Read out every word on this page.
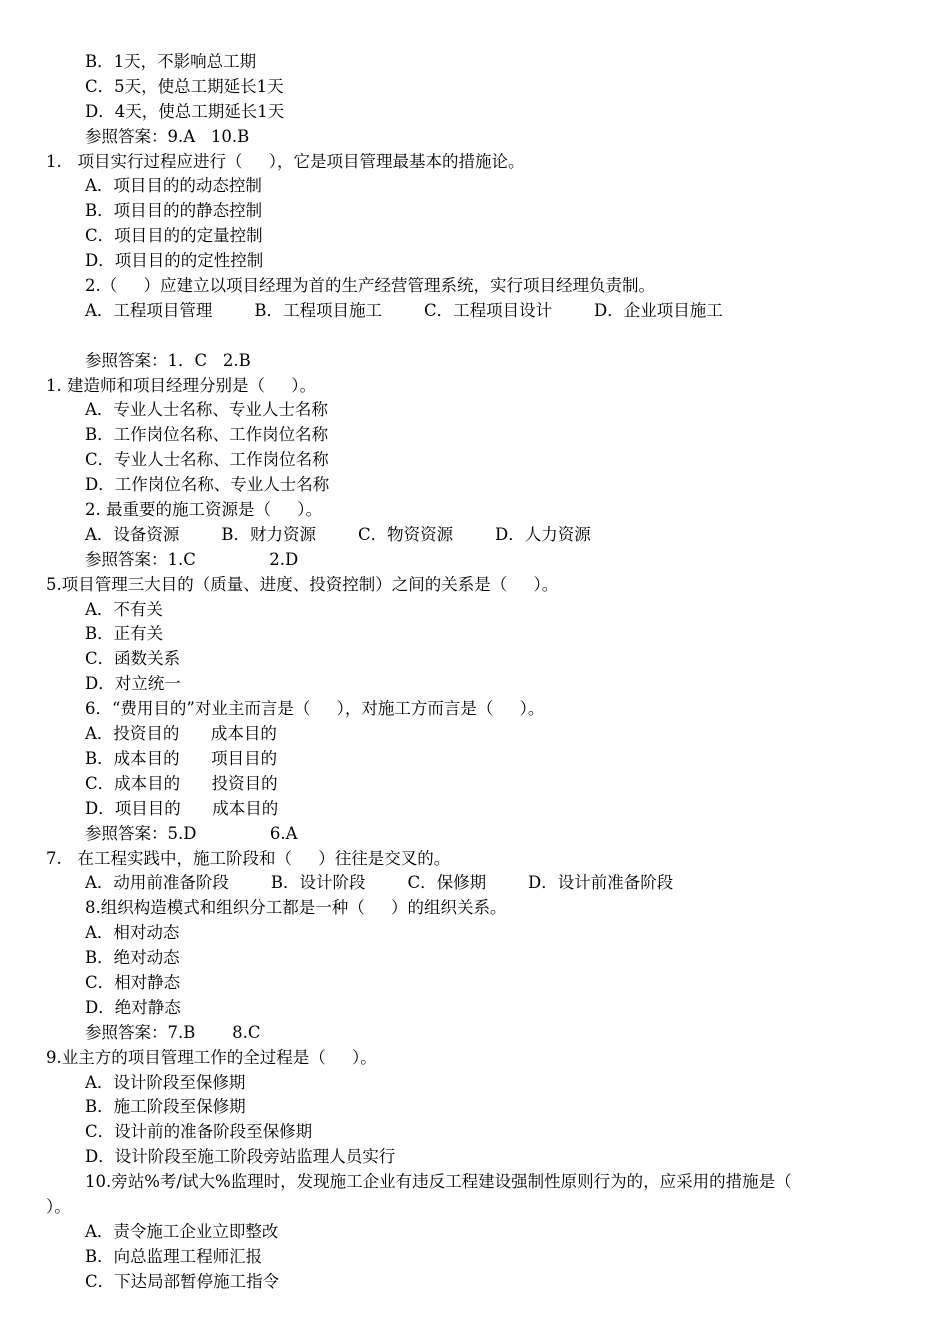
B．1天，不影响总工期
C．5天，使总工期延长1天
D．4天，使总工期延长1天
参照答案：9.A   10.B
1.   项目实行过程应进行（     ），它是项目管理最基本的措施论。
A．项目目的的动态控制
B．项目目的的静态控制
C．项目目的的定量控制
D．项目目的的定性控制
2.（     ）应建立以项目经理为首的生产经营管理系统，实行项目经理负责制。
A．工程项目管理        B．工程项目施工        C．工程项目设计        D．企业项目施工
参照答案：1．C   2.B
1. 建造师和项目经理分别是（     ）。
A．专业人士名称、专业人士名称
B．工作岗位名称、工作岗位名称
C．专业人士名称、工作岗位名称
D．工作岗位名称、专业人士名称
2. 最重要的施工资源是（     ）。
A．设备资源        B．财力资源        C．物资资源        D．人力资源
参照答案：1.C              2.D
5.项目管理三大目的（质量、进度、投资控制）之间的关系是（     ）。
A．不有关
B．正有关
C．函数关系
D．对立统一
6．“费用目的”对业主而言是（     ），对施工方而言是（     ）。
A．投资目的      成本目的
B．成本目的      项目目的
C．成本目的      投资目的
D．项目目的      成本目的
参照答案：5.D              6.A
7.   在工程实践中，施工阶段和（     ）往往是交叉的。
A．动用前准备阶段        B．设计阶段        C．保修期        D．设计前准备阶段
8.组织构造模式和组织分工都是一种（     ）的组织关系。
A．相对动态
B．绝对动态
C．相对静态
D．绝对静态
参照答案：7.B       8.C
9.业主方的项目管理工作的全过程是（     ）。
A．设计阶段至保修期
B．施工阶段至保修期
C．设计前的准备阶段至保修期
D．设计阶段至施工阶段旁站监理人员实行
10.旁站%考/试大%监理时，发现施工企业有违反工程建设强制性原则行为的，应采用的措施是（
）。
A．责令施工企业立即整改
B．向总监理工程师汇报
C．下达局部暂停施工指令
